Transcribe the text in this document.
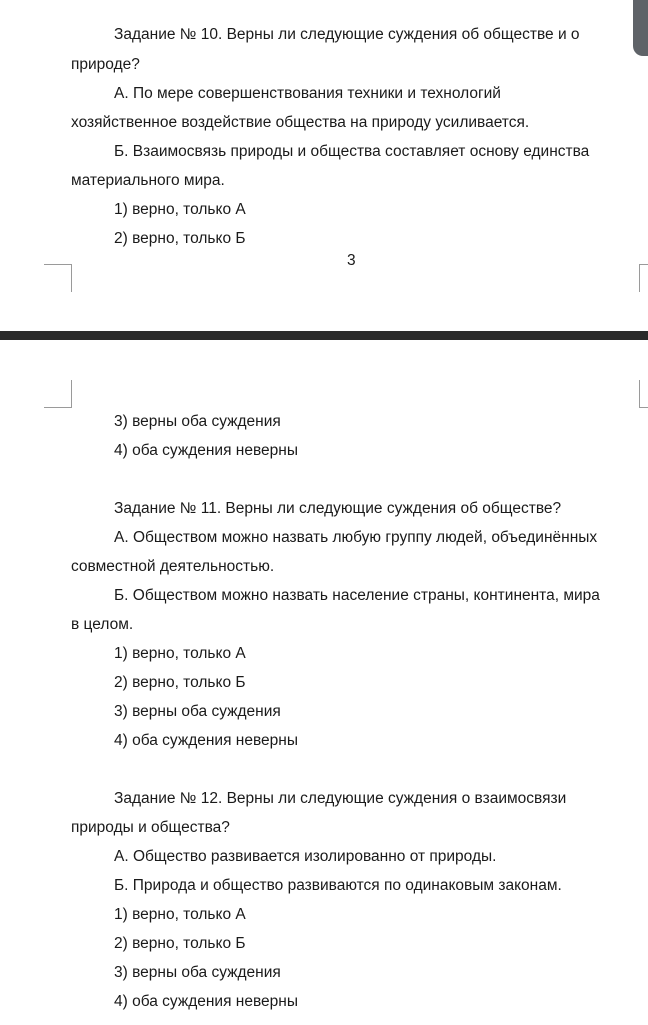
Задание № 10. Верны ли следующие суждения об обществе и о
природе?
А. По мере совершенствования техники и технологий
хозяйственное воздействие общества на природу усиливается.
Б. Взаимосвязь природы и общества составляет основу единства
материального мира.
1) верно, только А
2) верно, только Б
3
3) верны оба суждения
4) оба суждения неверны
Задание № 11. Верны ли следующие суждения об обществе?
А. Обществом можно назвать любую группу людей, объединённых
совместной деятельностью.
Б. Обществом можно назвать население страны, континента, мира
в целом.
1) верно, только А
2) верно, только Б
3) верны оба суждения
4) оба суждения неверны
Задание № 12. Верны ли следующие суждения о взаимосвязи
природы и общества?
А. Общество развивается изолированно от природы.
Б. Природа и общество развиваются по одинаковым законам.
1) верно, только А
2) верно, только Б
3) верны оба суждения
4) оба суждения неверны
